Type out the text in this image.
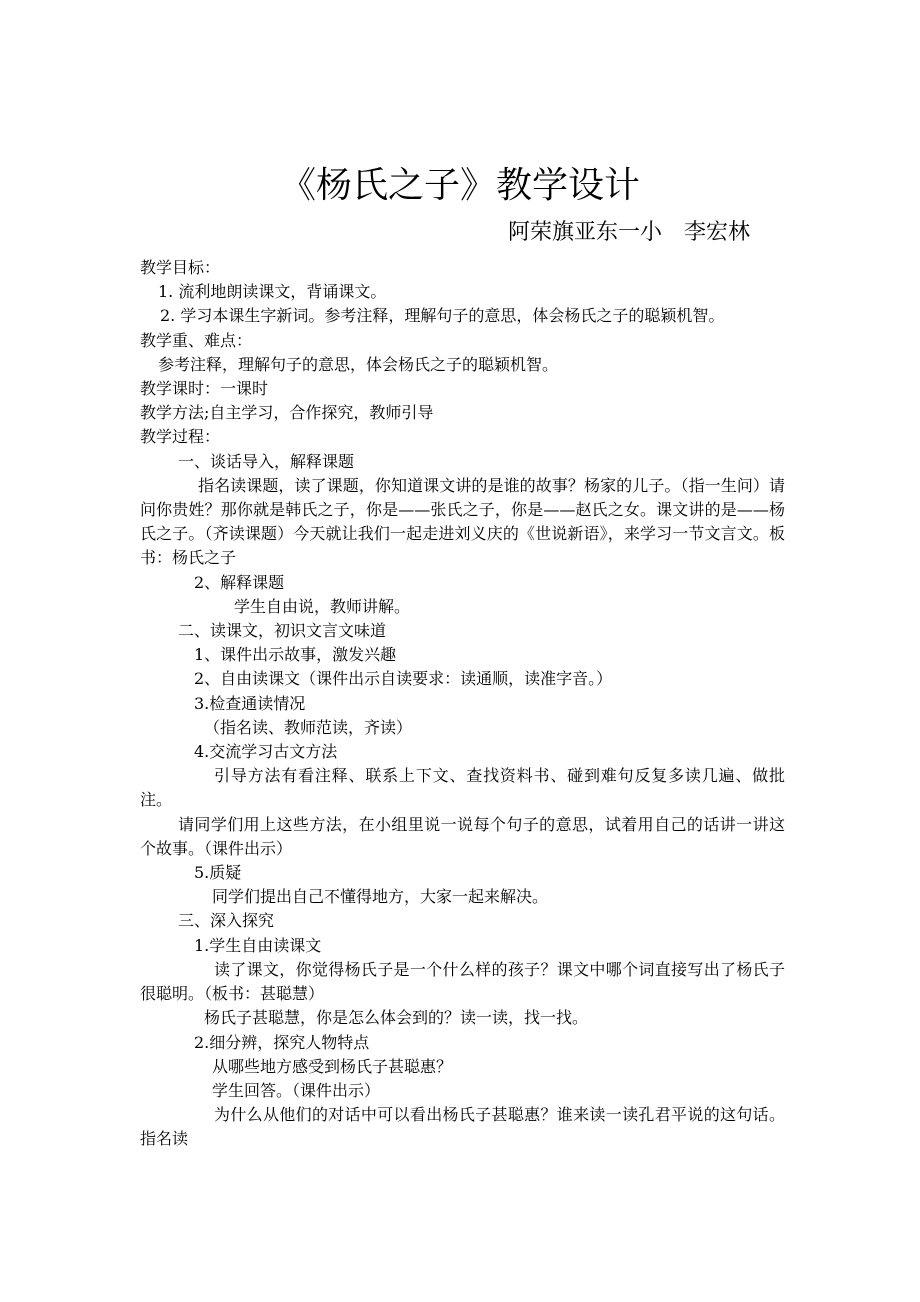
《杨氏之子》教学设计
阿荣旗亚东一小　李宏林

教学目标：

1. 流利地朗读课文，背诵课文。

2. 学习本课生字新词。参考注释，理解句子的意思，体会杨氏之子的聪颖机智。

教学重、难点：

参考注释，理解句子的意思，体会杨氏之子的聪颖机智。

教学课时：一课时

教学方法;自主学习，合作探究，教师引导

教学过程：

一、谈话导入，解释课题

指名读课题，读了课题，你知道课文讲的是谁的故事？杨家的儿子。（指一生问）请问你贵姓？那你就是韩氏之子，你是——张氏之子，你是——赵氏之女。课文讲的是——杨氏之子。（齐读课题）今天就让我们一起走进刘义庆的《世说新语》，来学习一节文言文。板书：杨氏之子

2、解释课题

学生自由说，教师讲解。

二、读课文，初识文言文味道

1、课件出示故事，激发兴趣

2、自由读课文（课件出示自读要求：读通顺，读准字音。）

3.检查通读情况

（指名读、教师范读，齐读）

4.交流学习古文方法

引导方法有看注释、联系上下文、查找资料书、碰到难句反复多读几遍、做批注。

请同学们用上这些方法，在小组里说一说每个句子的意思，试着用自己的话讲一讲这个故事。（课件出示）

5.质疑

同学们提出自己不懂得地方，大家一起来解决。

三、深入探究

1.学生自由读课文

读了课文，你觉得杨氏子是一个什么样的孩子？课文中哪个词直接写出了杨氏子很聪明。（板书：甚聪慧）

杨氏子甚聪慧，你是怎么体会到的？读一读，找一找。

2.细分辨，探究人物特点

从哪些地方感受到杨氏子甚聪惠？

学生回答。（课件出示）

为什么从他们的对话中可以看出杨氏子甚聪惠？谁来读一读孔君平说的这句话。指名读
